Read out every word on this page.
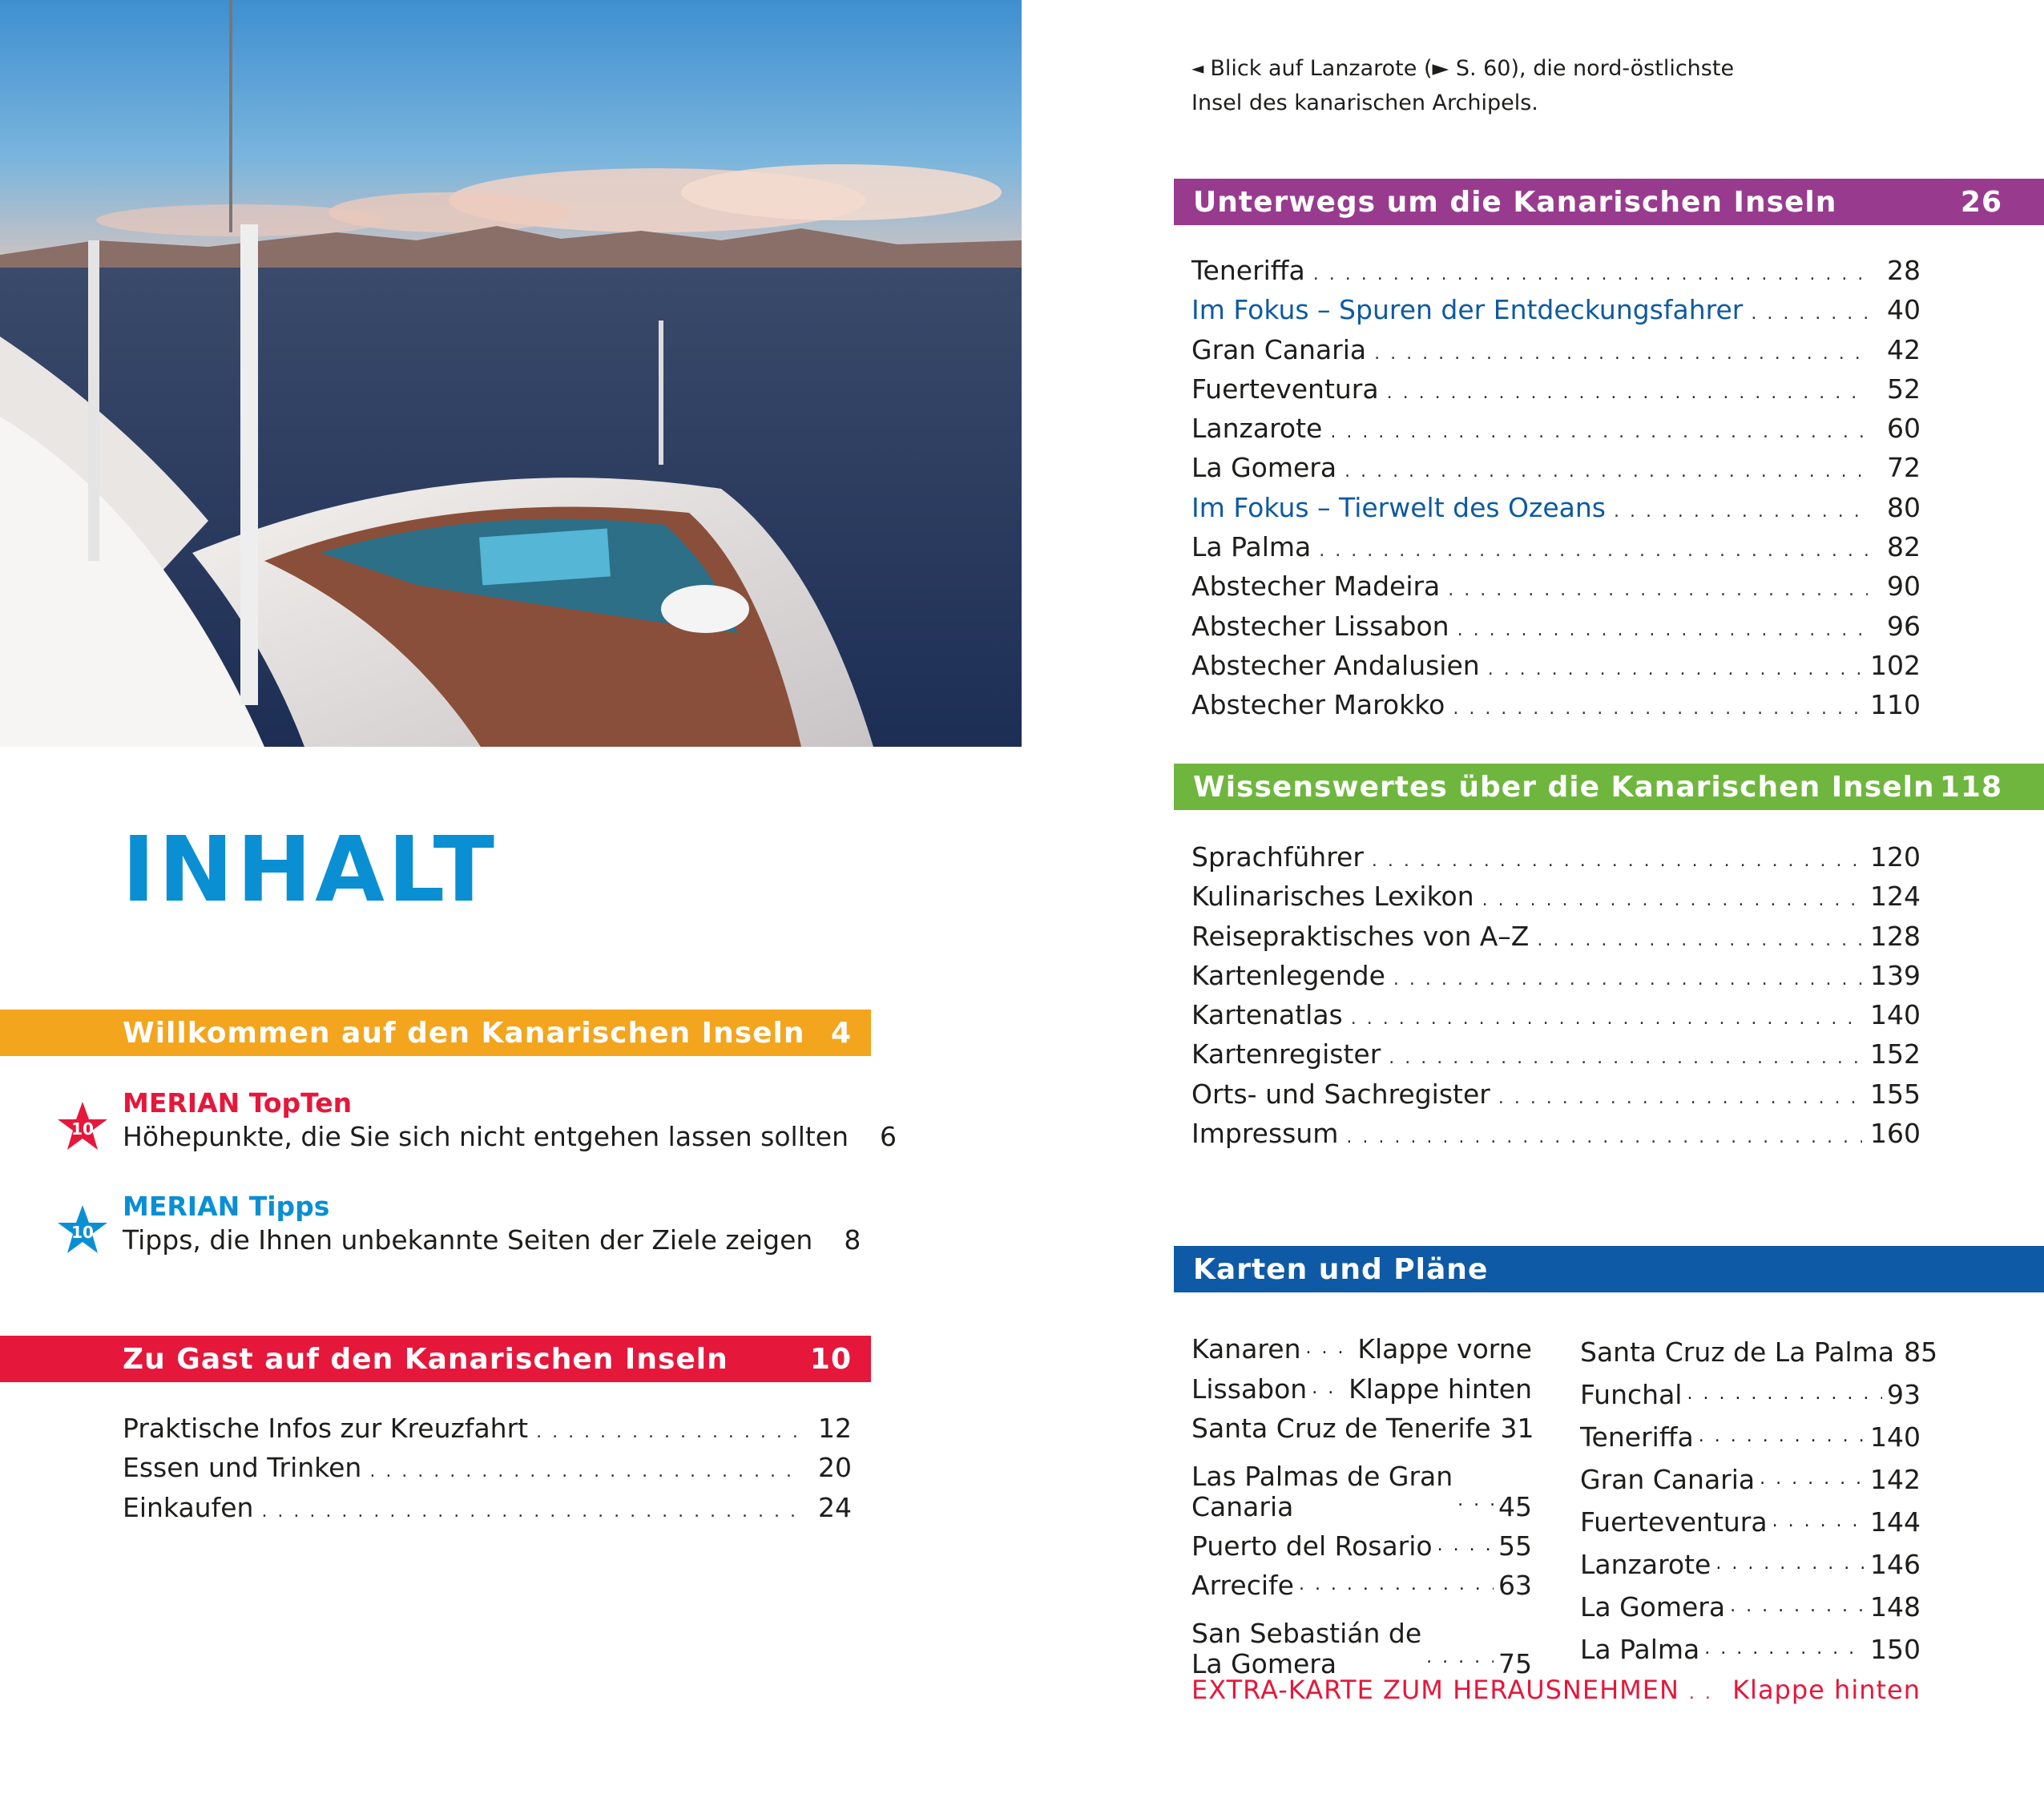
INHALT
◄ Blick auf Lanzarote (► S. 60), die nord-östlichste Insel des kanarischen Archipels.
Willkommen auf den Kanarischen Inseln 4
10
MERIAN TopTen
Höhepunkte, die Sie sich nicht entgehen lassen sollten	6
10
MERIAN Tipps
Tipps, die Ihnen unbekannte Seiten der Ziele zeigen	8
Zu Gast auf den Kanarischen Inseln	10
Praktische Infos zur Kreuzfahrt . . .	12
Essen und Trinken . . .	20
Einkaufen . . .	24
Unterwegs um die Kanarischen Inseln	26
Teneriffa . . .	28
Im Fokus – Spuren der Entdeckungsfahrer . . .	40
Gran Canaria . . .	42
Fuerteventura . . .	52
Lanzarote . . .	60
La Gomera . . .	72
Im Fokus – Tierwelt des Ozeans . . .	80
La Palma . . .	82
Abstecher Madeira . . .	90
Abstecher Lissabon . . .	96
Abstecher Andalusien . . .	102
Abstecher Marokko . . .	110
Wissenswertes über die Kanarischen Inseln 118
Sprachführer . . .	120
Kulinarisches Lexikon . . .	124
Reisepraktisches von A–Z . . .	128
Kartenlegende . . .	139
Kartenatlas . . .	140
Kartenregister . . .	152
Orts- und Sachregister . . .	155
Impressum . . .	160
Karten und Pläne
Kanaren . . . Klappe vorne
Lissabon . . . Klappe hinten
Santa Cruz de Tenerife 31
Las Palmas de Gran
Canaria . . .	45
Puerto del Rosario . . . 55
Arrecife . . .	63
San Sebastián de
La Gomera . . .	75
Santa Cruz de La Palma 85
Funchal . . .	93
Teneriffa . . .	140
Gran Canaria . . .	142
Fuerteventura . . .	144
Lanzarote . . .	146
La Gomera . . .	148
La Palma . . .	150
EXTRA-KARTE ZUM HERAUSNEHMEN . . . Klappe hinten
